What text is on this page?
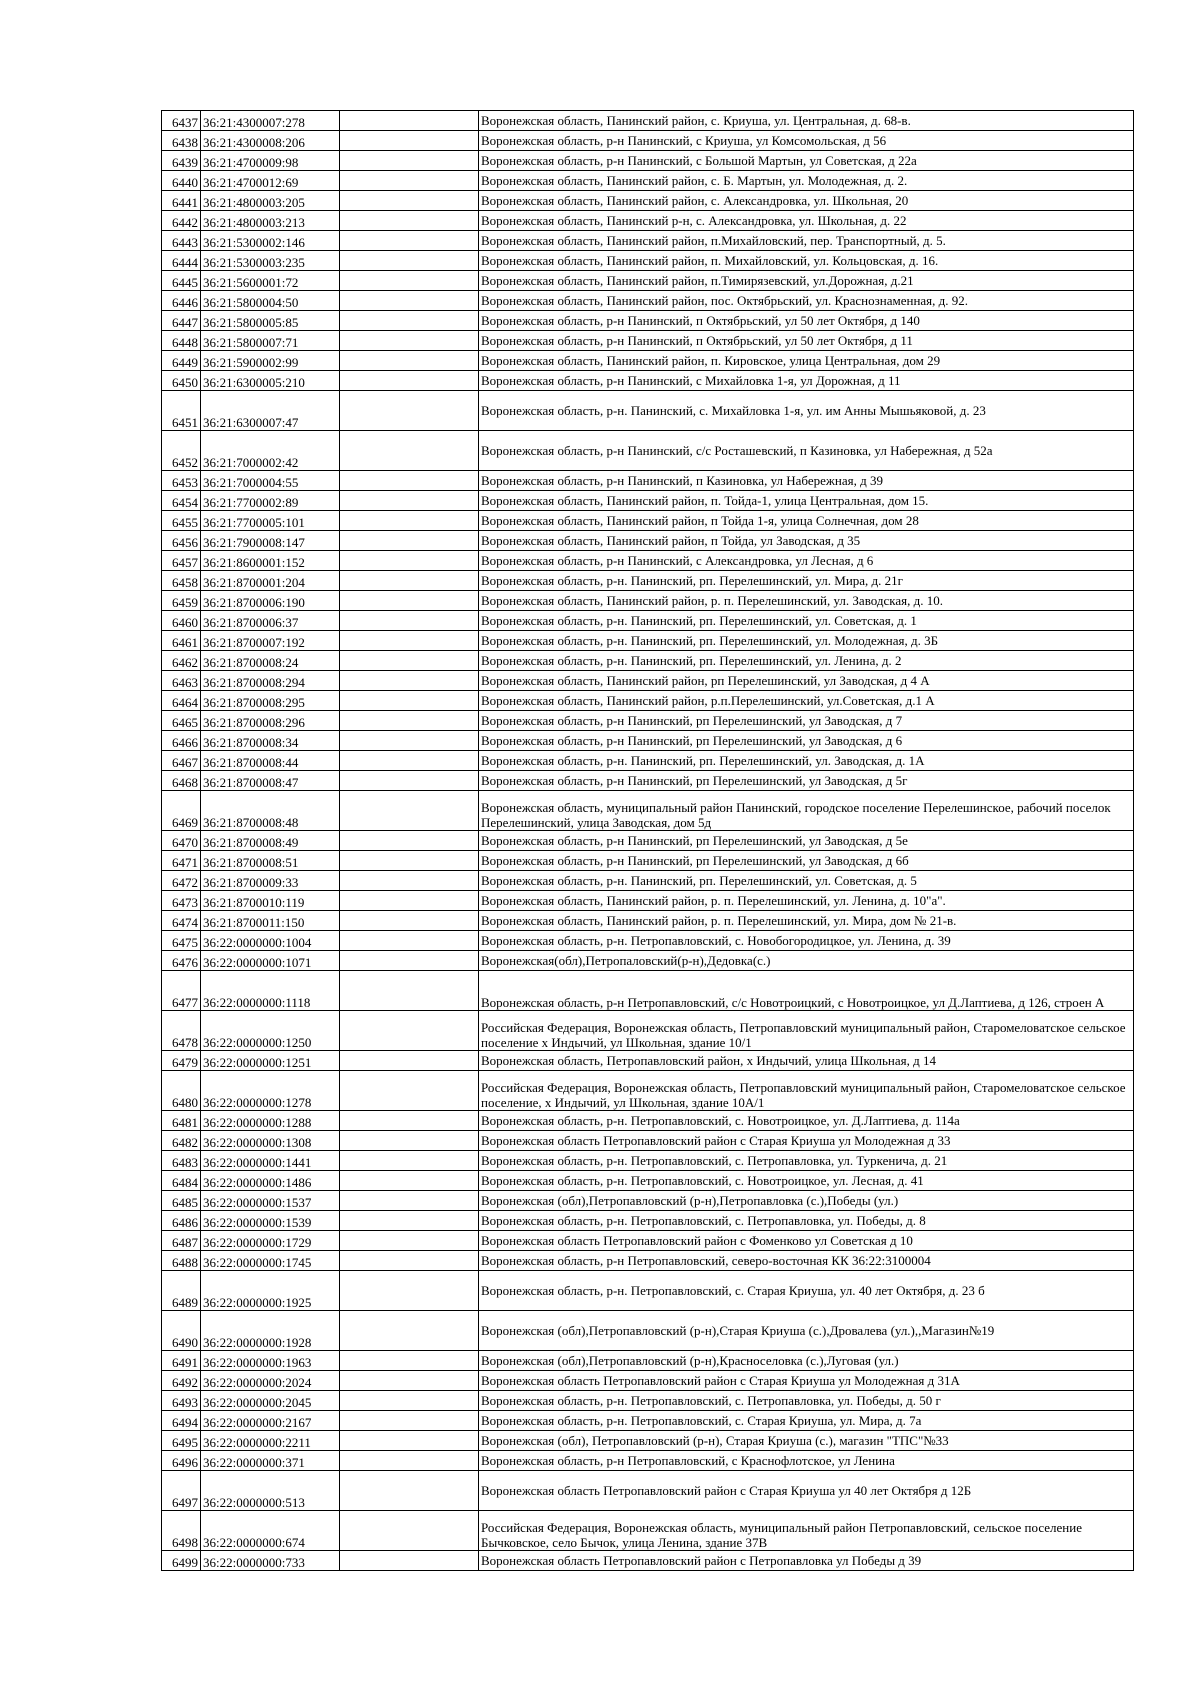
6437	36:21:4300007:278		Воронежская область, Панинский район, с. Криуша, ул. Центральная, д. 68-в.
6438	36:21:4300008:206		Воронежская область, р-н Панинский, с Криуша, ул Комсомольская, д 56
6439	36:21:4700009:98		Воронежская область, р-н Панинский, с Большой Мартын, ул Советская, д 22а
6440	36:21:4700012:69		Воронежская область, Панинский район, с. Б. Мартын, ул. Молодежная, д. 2.
6441	36:21:4800003:205		Воронежская область, Панинский район, с. Александровка, ул. Школьная, 20
6442	36:21:4800003:213		Воронежская область, Панинский р-н, с. Александровка, ул. Школьная, д. 22
6443	36:21:5300002:146		Воронежская область, Панинский район, п.Михайловский, пер. Транспортный, д. 5.
6444	36:21:5300003:235		Воронежская область, Панинский район, п. Михайловский, ул. Кольцовская, д. 16.
6445	36:21:5600001:72		Воронежская область, Панинский район, п.Тимирязевский, ул.Дорожная, д.21
6446	36:21:5800004:50		Воронежская область, Панинский район, пос. Октябрьский, ул. Краснознаменная, д. 92.
6447	36:21:5800005:85		Воронежская область, р-н Панинский, п Октябрьский, ул 50 лет Октября, д 140
6448	36:21:5800007:71		Воронежская область, р-н Панинский, п Октябрьский, ул 50 лет Октября, д 11
6449	36:21:5900002:99		Воронежская область, Панинский район, п. Кировское, улица Центральная, дом 29
6450	36:21:6300005:210		Воронежская область, р-н Панинский, с Михайловка 1-я, ул Дорожная, д 11
6451	36:21:6300007:47		Воронежская область, р-н. Панинский, с. Михайловка 1-я, ул. им Анны Мышьяковой, д. 23
6452	36:21:7000002:42		Воронежская область, р-н Панинский, с/с Росташевский, п Казиновка, ул Набережная, д 52а
6453	36:21:7000004:55		Воронежская область, р-н Панинский, п Казиновка, ул Набережная, д 39
6454	36:21:7700002:89		Воронежская область, Панинский район, п. Тойда-1, улица Центральная, дом 15.
6455	36:21:7700005:101		Воронежская область, Панинский район, п Тойда 1-я, улица Солнечная, дом 28
6456	36:21:7900008:147		Воронежская область, Панинский район, п Тойда, ул Заводская, д 35
6457	36:21:8600001:152		Воронежская область, р-н Панинский, с Александровка, ул Лесная, д 6
6458	36:21:8700001:204		Воронежская область, р-н. Панинский, рп. Перелешинский, ул. Мира, д. 21г
6459	36:21:8700006:190		Воронежская область, Панинский район, р. п. Перелешинский, ул. Заводская, д. 10.
6460	36:21:8700006:37		Воронежская область, р-н. Панинский, рп. Перелешинский, ул. Советская, д. 1
6461	36:21:8700007:192		Воронежская область, р-н. Панинский, рп. Перелешинский, ул. Молодежная, д. 3Б
6462	36:21:8700008:24		Воронежская область, р-н. Панинский, рп. Перелешинский, ул. Ленина, д. 2
6463	36:21:8700008:294		Воронежская область, Панинский район, рп Перелешинский, ул Заводская, д 4 А
6464	36:21:8700008:295		Воронежская область, Панинский район, р.п.Перелешинский, ул.Советская, д.1 А
6465	36:21:8700008:296		Воронежская область, р-н Панинский, рп Перелешинский, ул Заводская, д 7
6466	36:21:8700008:34		Воронежская область, р-н Панинский, рп Перелешинский, ул Заводская, д 6
6467	36:21:8700008:44		Воронежская область, р-н. Панинский, рп. Перелешинский, ул. Заводская, д. 1А
6468	36:21:8700008:47		Воронежская область, р-н Панинский, рп Перелешинский, ул Заводская, д 5г
6469	36:21:8700008:48		Воронежская область, муниципальный район Панинский, городское поселение Перелешинское, рабочий поселок Перелешинский, улица Заводская, дом 5д
6470	36:21:8700008:49		Воронежская область, р-н Панинский, рп Перелешинский, ул Заводская, д 5е
6471	36:21:8700008:51		Воронежская область, р-н Панинский, рп Перелешинский, ул Заводская, д 6б
6472	36:21:8700009:33		Воронежская область, р-н. Панинский, рп. Перелешинский, ул. Советская, д. 5
6473	36:21:8700010:119		Воронежская область, Панинский район, р. п. Перелешинский, ул. Ленина, д. 10"а".
6474	36:21:8700011:150		Воронежская область, Панинский район, р. п. Перелешинский, ул. Мира, дом № 21-в.
6475	36:22:0000000:1004		Воронежская область, р-н. Петропавловский, с. Новобогородицкое, ул. Ленина, д. 39
6476	36:22:0000000:1071		Воронежская(обл),Петропаловский(р-н),Дедовка(с.)
6477	36:22:0000000:1118		Воронежская область, р-н Петропавловский, с/с Новотроицкий, с Новотроицкое, ул Д.Лаптиева, д 126, строен А
6478	36:22:0000000:1250		Российская Федерация, Воронежская область, Петропавловский муниципальный район, Старомеловатское сельское поселение х Индычий, ул Школьная, здание 10/1
6479	36:22:0000000:1251		Воронежская область, Петропавловский район, х Индычий, улица Школьная, д 14
6480	36:22:0000000:1278		Российская Федерация, Воронежская область, Петропавловский муниципальный район, Старомеловатское сельское поселение, х Индычий, ул Школьная, здание 10А/1
6481	36:22:0000000:1288		Воронежская область, р-н. Петропавловский, с. Новотроицкое, ул. Д.Лаптиева, д. 114а
6482	36:22:0000000:1308		Воронежская область Петропавловский район с Старая Криуша ул Молодежная д 33
6483	36:22:0000000:1441		Воронежская область, р-н. Петропавловский, с. Петропавловка, ул. Туркенича, д. 21
6484	36:22:0000000:1486		Воронежская область, р-н. Петропавловский, с. Новотроицкое, ул. Лесная, д. 41
6485	36:22:0000000:1537		Воронежская (обл),Петропавловский (р-н),Петропавловка (с.),Победы (ул.)
6486	36:22:0000000:1539		Воронежская область, р-н. Петропавловский, с. Петропавловка, ул. Победы, д. 8
6487	36:22:0000000:1729		Воронежская область Петропавловский район с Фоменково ул Советская д 10
6488	36:22:0000000:1745		Воронежская область, р-н Петропавловский, северо-восточная КК 36:22:3100004
6489	36:22:0000000:1925		Воронежская область, р-н. Петропавловский, с. Старая Криуша, ул. 40 лет Октября, д. 23 б
6490	36:22:0000000:1928		Воронежская (обл),Петропавловский (р-н),Старая Криуша (с.),Дровалева (ул.),,Магазин№19
6491	36:22:0000000:1963		Воронежская (обл),Петропавловский (р-н),Красноселовка (с.),Луговая (ул.)
6492	36:22:0000000:2024		Воронежская область Петропавловский район с Старая Криуша ул Молодежная д 31А
6493	36:22:0000000:2045		Воронежская область, р-н. Петропавловский, с. Петропавловка, ул. Победы, д. 50 г
6494	36:22:0000000:2167		Воронежская область, р-н. Петропавловский, с. Старая Криуша, ул. Мира, д. 7а
6495	36:22:0000000:2211		Воронежская (обл), Петропавловский (р-н), Старая Криуша (с.), магазин "ТПС"№33
6496	36:22:0000000:371		Воронежская область, р-н Петропавловский, с Краснофлотское, ул Ленина
6497	36:22:0000000:513		Воронежская область Петропавловский район с Старая Криуша ул 40 лет Октября д 12Б
6498	36:22:0000000:674		Российская Федерация, Воронежская область, муниципальный район Петропавловский, сельское поселение Бычковское, село Бычок, улица Ленина, здание 37В
6499	36:22:0000000:733		Воронежская область Петропавловский район с Петропавловка ул Победы д 39
